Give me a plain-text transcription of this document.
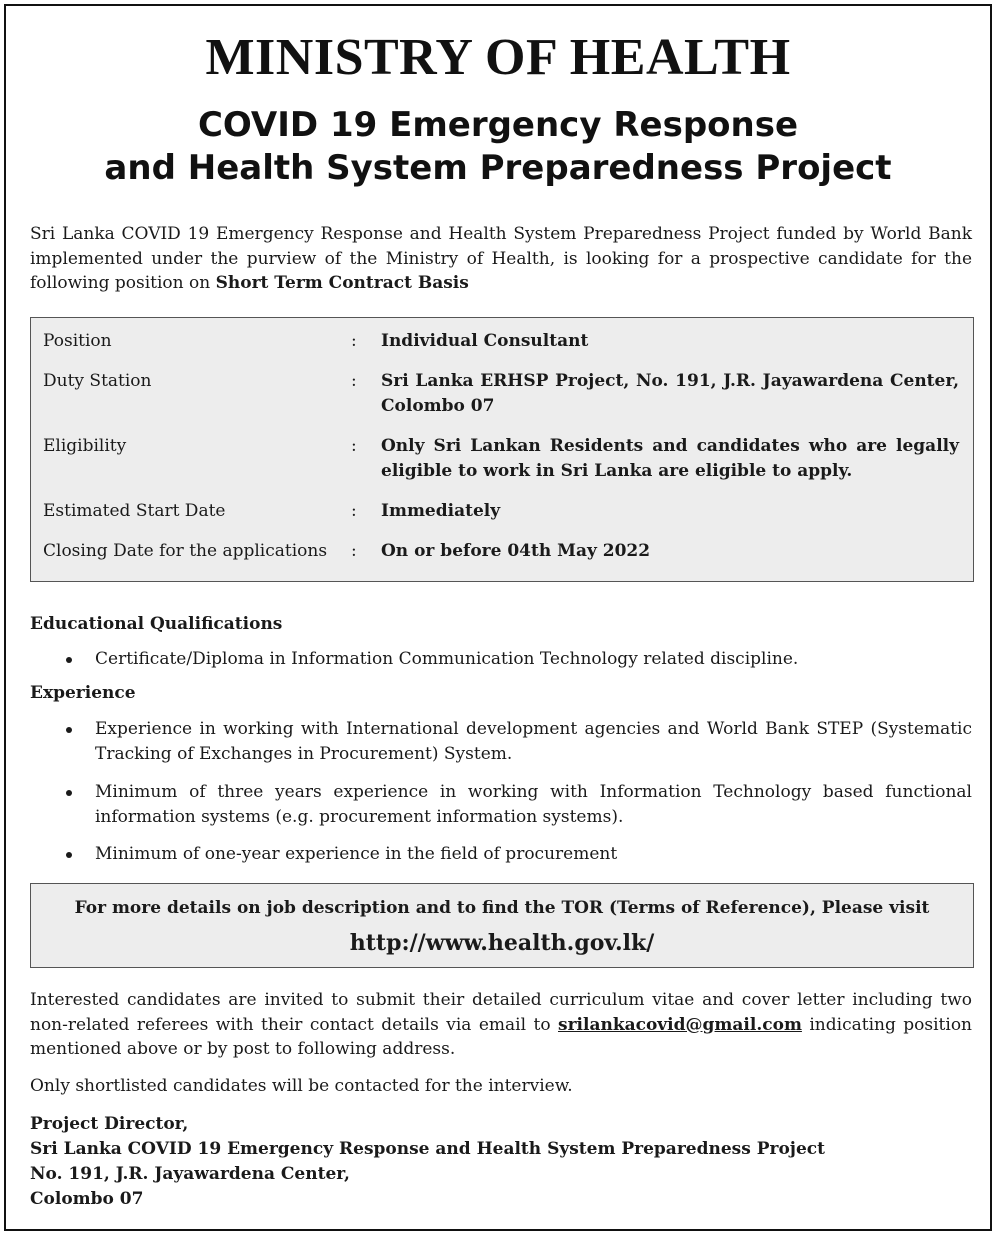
MINISTRY OF HEALTH
COVID 19 Emergency Response
and Health System Preparedness Project
Sri Lanka COVID 19 Emergency Response and Health System Preparedness Project funded by World Bank implemented under the purview of the Ministry of Health, is looking for a prospective candidate for the following position on Short Term Contract Basis
Position	: Individual Consultant
Duty Station	: Sri Lanka ERHSP Project, No. 191, J.R. Jayawardena Center, Colombo 07
Eligibility	: Only Sri Lankan Residents and candidates who are legally eligible to work in Sri Lanka are eligible to apply.
Estimated Start Date	: Immediately
Closing Date for the applications : On or before 04th May 2022
Educational Qualifications
Certificate/Diploma in Information Communication Technology related discipline.
Experience
Experience in working with International development agencies and World Bank STEP (Systematic Tracking of Exchanges in Procurement) System.
Minimum of three years experience in working with Information Technology based functional information systems (e.g. procurement information systems).
Minimum of one-year experience in the field of procurement
For more details on job description and to find the TOR (Terms of Reference), Please visit
http://www.health.gov.lk/
Interested candidates are invited to submit their detailed curriculum vitae and cover letter including two non-related referees with their contact details via email to srilankacovid@gmail.com indicating position mentioned above or by post to following address.
Only shortlisted candidates will be contacted for the interview.
Project Director,
Sri Lanka COVID 19 Emergency Response and Health System Preparedness Project
No. 191, J.R. Jayawardena Center,
Colombo 07
